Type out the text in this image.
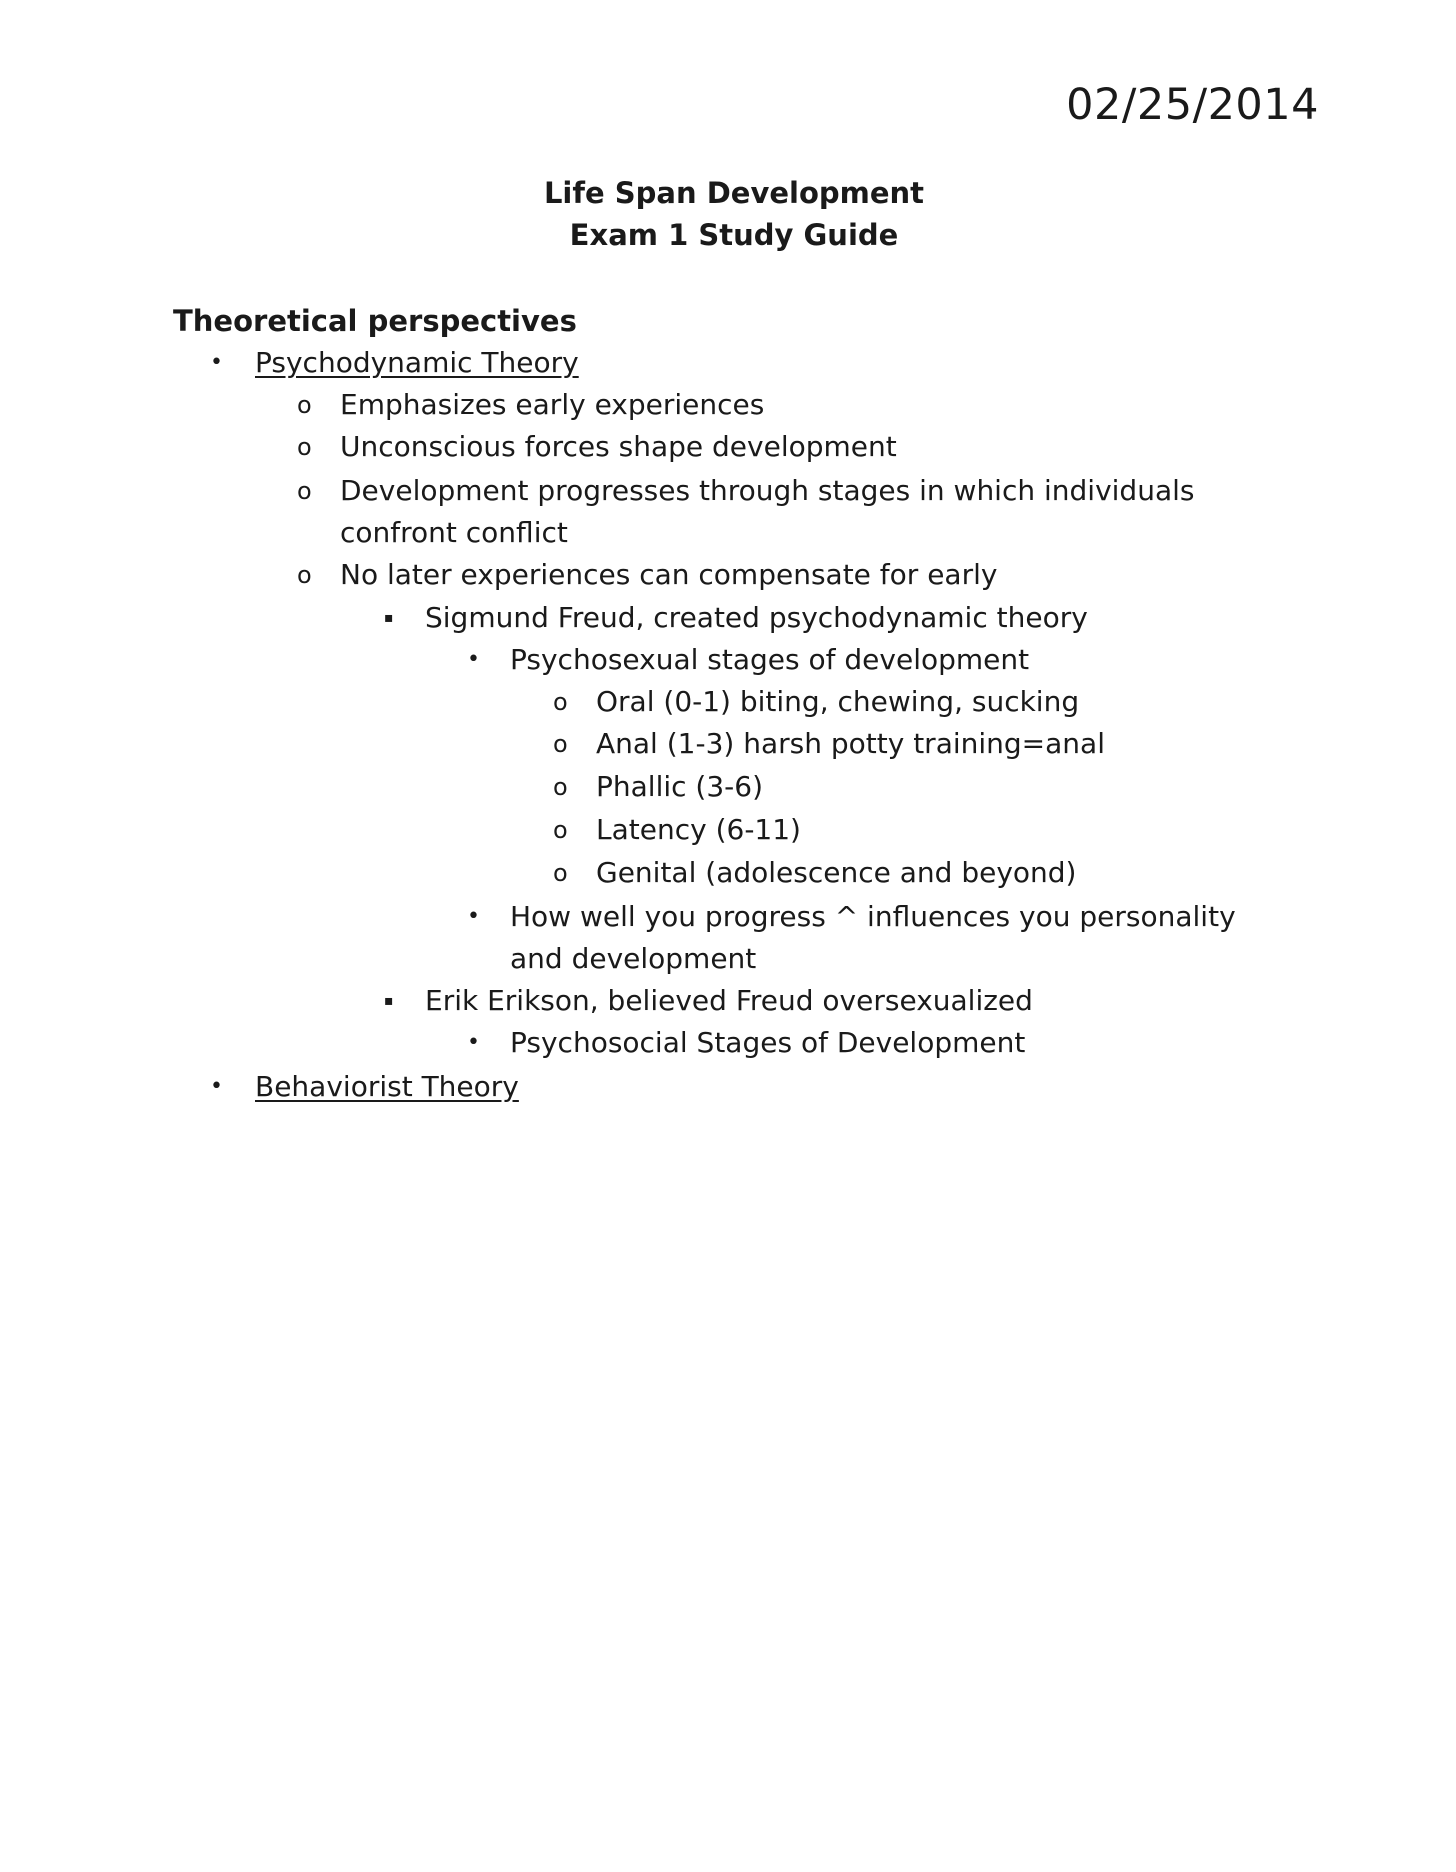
02/25/2014
Life Span Development
Exam 1 Study Guide
Theoretical perspectives
• Psychodynamic Theory
o Emphasizes early experiences
o Unconscious forces shape development
o Development progresses through stages in which individuals
confront conflict
o No later experiences can compensate for early
▪ Sigmund Freud, created psychodynamic theory
• Psychosexual stages of development
o Oral (0-1) biting, chewing, sucking
o Anal (1-3) harsh potty training=anal
o Phallic (3-6)
o Latency (6-11)
o Genital (adolescence and beyond)
• How well you progress ^ influences you personality
and development
▪ Erik Erikson, believed Freud oversexualized
• Psychosocial Stages of Development
• Behaviorist Theory
